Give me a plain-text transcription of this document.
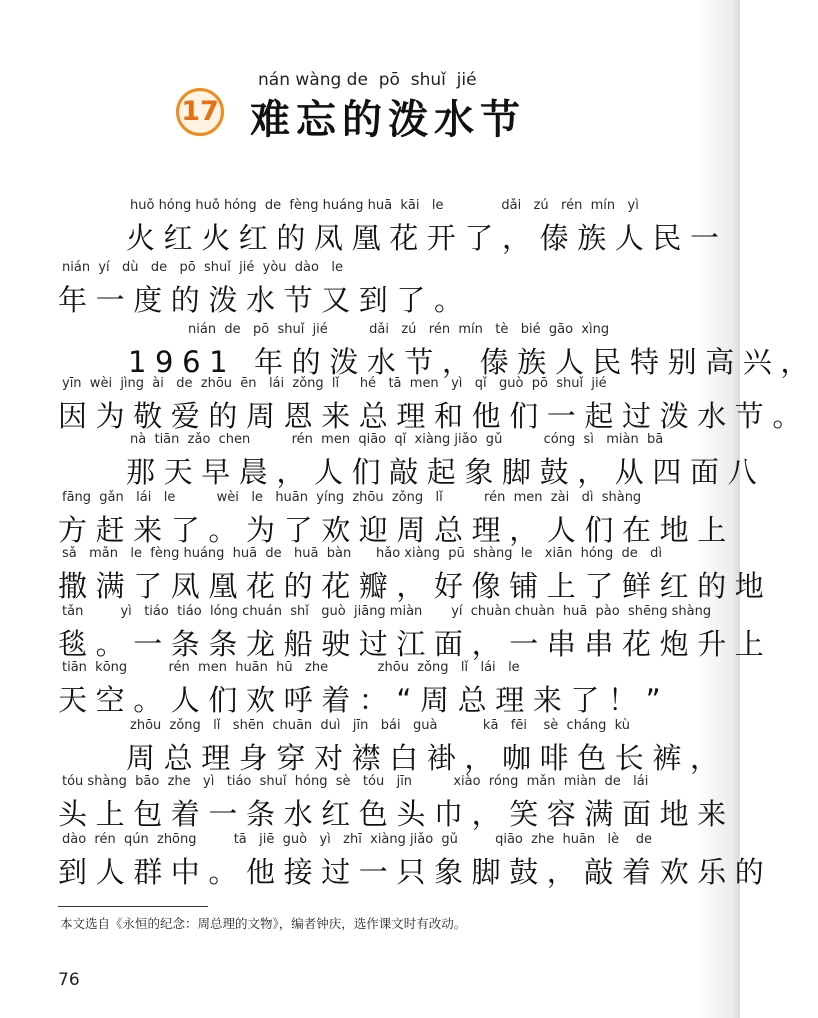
17
nán wàng de  pō  shuǐ  jié
难忘的泼水节
huǒ hóng huǒ hóng  de  fèng huáng huā  kāi   le              dǎi   zú   rén  mín   yì
火红火红的凤凰花开了，傣族人民一
nián  yí   dù   de   pō  shuǐ  jié  yòu  dào   le
年一度的泼水节又到了。
nián  de   pō  shuǐ  jié          dǎi   zú   rén  mín   tè   bié  gāo  xìng
1961 年的泼水节，傣族人民特别高兴，
yīn  wèi  jìng  ài   de  zhōu  ēn   lái  zǒng  lǐ     hé   tā  men   yì   qǐ   guò  pō  shuǐ  jié
因为敬爱的周恩来总理和他们一起过泼水节。
nà  tiān  zǎo  chen          rén  men  qiāo  qǐ  xiàng jiǎo  gǔ          cóng  sì   miàn  bā
那天早晨，人们敲起象脚鼓，从四面八
fāng  gǎn   lái   le          wèi   le   huān  yíng  zhōu  zǒng   lǐ          rén  men  zài   dì  shàng
方赶来了。为了欢迎周总理，人们在地上
sǎ   mǎn   le  fèng huáng  huā  de   huā  bàn      hǎo xiàng  pū  shàng  le   xiān  hóng  de   dì
撒满了凤凰花的花瓣，好像铺上了鲜红的地
tǎn         yì   tiáo  tiáo  lóng chuán  shǐ   guò  jiāng miàn       yí  chuàn chuàn  huā  pào  shēng shàng
毯。一条条龙船驶过江面，一串串花炮升上
tiān  kōng          rén  men  huān  hū   zhe            zhōu  zǒng   lǐ   lái   le
天空。人们欢呼着：“周总理来了！”
zhōu  zǒng   lǐ   shēn  chuān  duì   jīn   bái   guà           kā   fēi    sè  cháng  kù
周总理身穿对襟白褂，咖啡色长裤，
tóu shàng  bāo  zhe   yì   tiáo  shuǐ  hóng  sè   tóu   jīn          xiào  róng  mǎn  miàn  de   lái
头上包着一条水红色头巾，笑容满面地来
dào  rén  qún  zhōng         tā   jiē  guò   yì   zhī  xiàng jiǎo  gǔ         qiāo  zhe  huān   lè    de
到人群中。他接过一只象脚鼓，敲着欢乐的
本文选自《永恒的纪念：周总理的文物》，编者钟庆，选作课文时有改动。
76
